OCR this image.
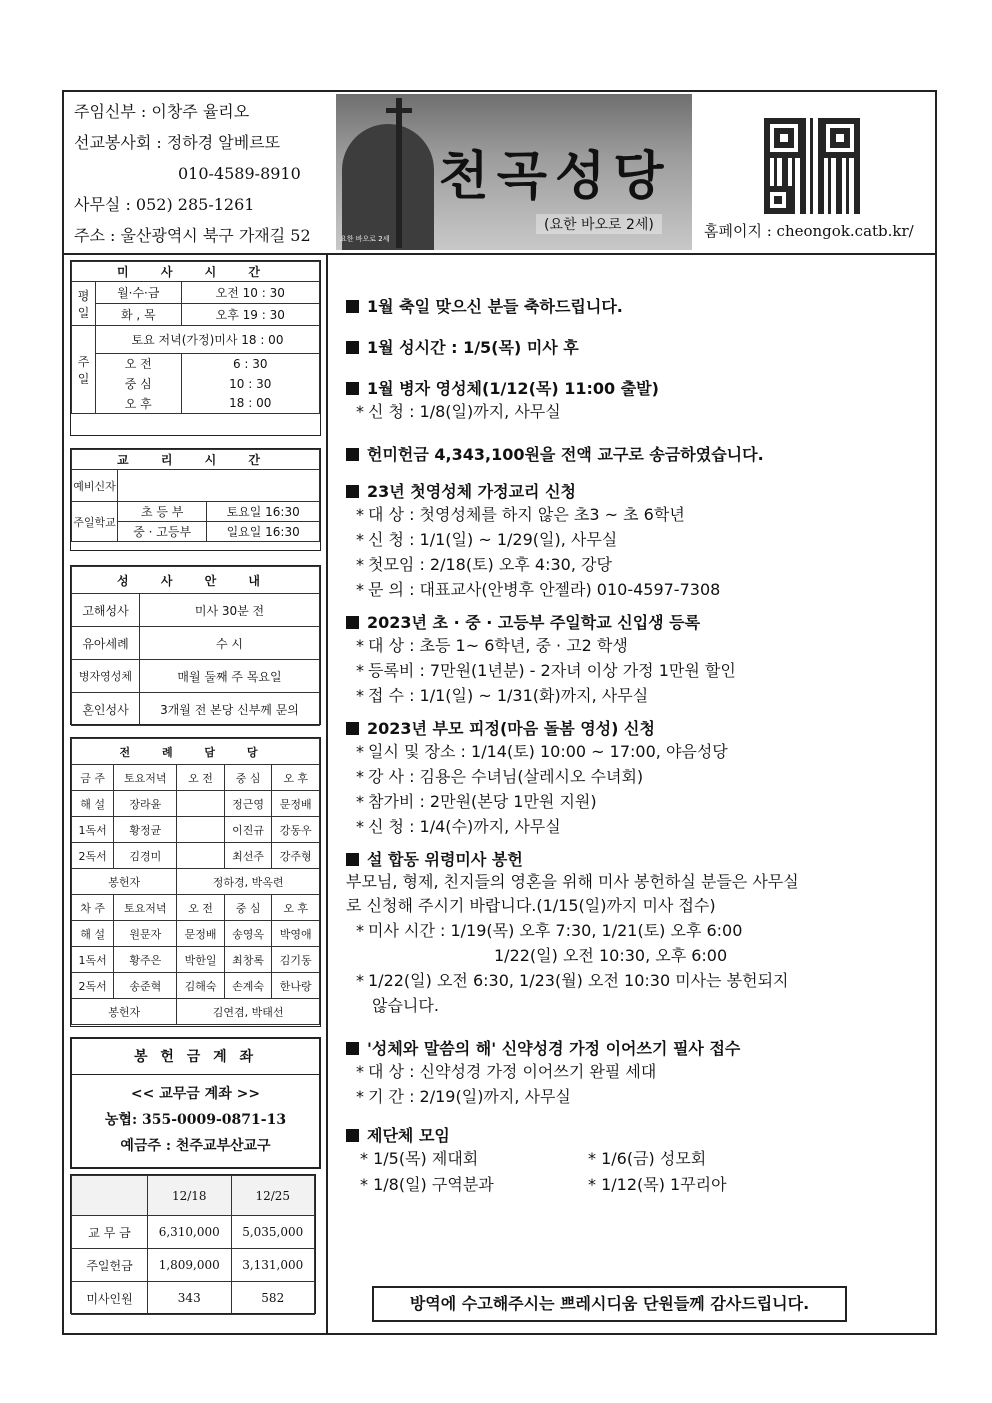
주임신부 : 이창주 율리오
선교봉사회 : 정하경 알베르또
010-4589-8910
사무실 : 052) 285-1261
주소 : 울산광역시 북구 가재길 52
천곡성당
(요한 바오로 2세)
요한 바오로 2세	홈페이지 : cheongok.catb.kr/
미 사 시 간		
평일	월·수·금	오전 10 : 30
	화 , 목	오후 19 : 30
주일	토요 저녁(가정)미사 18 : 00	
	오 전	6 : 30
	중 심	10 : 30
	오 후	18 : 00
교 리 시 간		
예비신자		
주일학교	초 등 부	토요일 16:30
	중 · 고등부	일요일 16:30
성 사 안 내	
고해성사	미사 30분 전
유아세례	수 시
병자영성체	매월 둘째 주 목요일
혼인성사	3개월 전 본당 신부께 문의
전 례 담 당				
금 주	토요저녁	오 전	중 심	오 후
해 설	장라윤		정근영	문정배
1독서	황정균		이진규	강동우
2독서	김경미		최선주	강주형
봉헌자		정하경, 박옥련		
차 주	토요저녁	오 전	중 심	오 후
해 설	원문자	문정배	송영옥	박영애
1독서	황주은	박한일	최창록	김기동
2독서	송준혁	김해숙	손계숙	한나랑
봉헌자		김연겸, 박태선		
봉 헌 금 계 좌
<< 교무금 계좌 >>
농협: 355-0009-0871-13
예금주 : 천주교부산교구
	12/18	12/25
교 무 금	6,310,000	5,035,000
주일헌금	1,809,000	3,131,000
미사인원	343	582
1월 축일 맞으신 분들 축하드립니다.
1월 성시간 : 1/5(목) 미사 후
1월 병자 영성체(1/12(목) 11:00 출발)
* 신 청 : 1/8(일)까지, 사무실
헌미헌금 4,343,100원을 전액 교구로 송금하였습니다.
23년 첫영성체 가정교리 신청
* 대 상 : 첫영성체를 하지 않은 초3 ~ 초 6학년
* 신 청 : 1/1(일) ~ 1/29(일), 사무실
* 첫모임 : 2/18(토) 오후 4:30, 강당
* 문 의 : 대표교사(안병후 안젤라) 010-4597-7308
2023년 초 · 중 · 고등부 주일학교 신입생 등록
* 대 상 : 초등 1~ 6학년, 중 · 고2 학생
* 등록비 : 7만원(1년분) - 2자녀 이상 가정 1만원 할인
* 접 수 : 1/1(일) ~ 1/31(화)까지, 사무실
2023년 부모 피정(마음 돌봄 영성) 신청
* 일시 및 장소 : 1/14(토) 10:00 ~ 17:00, 야음성당
* 강 사 : 김용은 수녀님(살레시오 수녀회)
* 참가비 : 2만원(본당 1만원 지원)
* 신 청 : 1/4(수)까지, 사무실
설 합동 위령미사 봉헌
부모님, 형제, 친지들의 영혼을 위해 미사 봉헌하실 분들은 사무실
로 신청해 주시기 바랍니다.(1/15(일)까지 미사 접수)
* 미사 시간 : 1/19(목) 오후 7:30, 1/21(토) 오후 6:00
1/22(일) 오전 10:30, 오후 6:00
* 1/22(일) 오전 6:30, 1/23(월) 오전 10:30 미사는 봉헌되지
않습니다.
'성체와 말씀의 해' 신약성경 가정 이어쓰기 필사 접수
* 대 상 : 신약성경 가정 이어쓰기 완필 세대
* 기 간 : 2/19(일)까지, 사무실
제단체 모임
* 1/5(목) 제대회	* 1/6(금) 성모회
* 1/8(일) 구역분과	* 1/12(목) 1꾸리아
방역에 수고해주시는 쁘레시디움 단원들께 감사드립니다.
